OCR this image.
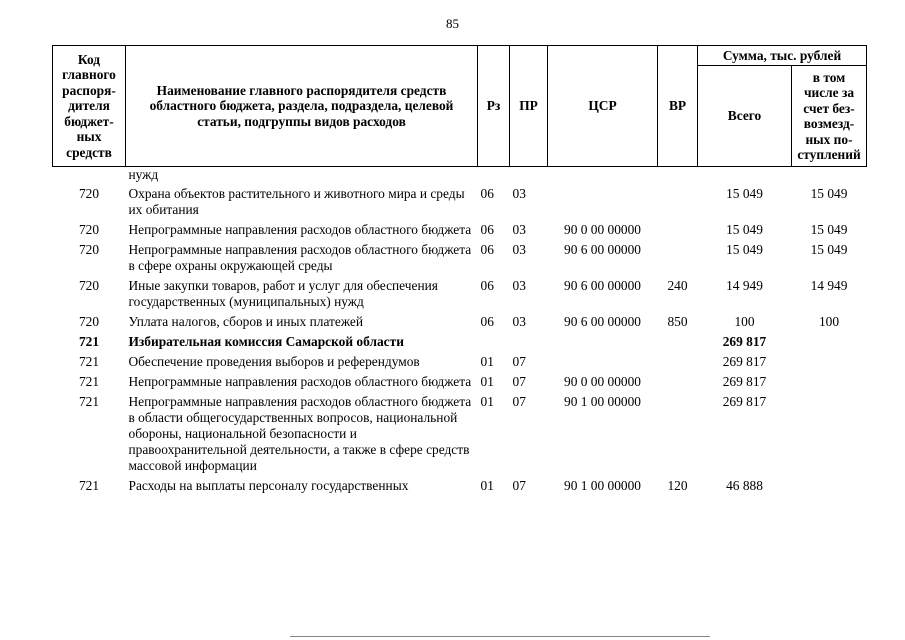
85
Код главного распоря-дителя бюджет-ных средств	Наименование главного распорядителя средств областного бюджета, раздела, подраздела, целевой статьи, подгруппы видов расходов	Рз	ПР	ЦСР	ВР	Сумма, тыс. рублей	
						Всего	в том числе за счет без-возмезд-ных по-ступлений
	нужд						
720	Охрана объектов растительного и животного мира и среды их обитания	06	03			15 049	15 049
720	Непрограммные направления расходов областного бюджета	06	03	90 0 00 00000		15 049	15 049
720	Непрограммные направления расходов областного бюджета в сфере охраны окружающей среды	06	03	90 6 00 00000		15 049	15 049
720	Иные закупки товаров, работ и услуг для обеспечения государственных (муниципальных) нужд	06	03	90 6 00 00000	240	14 949	14 949
720	Уплата налогов, сборов и иных платежей	06	03	90 6 00 00000	850	100	100
721	Избирательная комиссия Самарской области					269 817	
721	Обеспечение проведения выборов и референдумов	01	07			269 817	
721	Непрограммные направления расходов областного бюджета	01	07	90 0 00 00000		269 817	
721	Непрограммные направления расходов областного бюджета в области общегосударственных вопросов, национальной обороны, национальной безопасности и правоохранительной деятельности, а также в сфере средств массовой информации	01	07	90 1 00 00000		269 817	
721	Расходы на выплаты персоналу государственных	01	07	90 1 00 00000	120	46 888	
